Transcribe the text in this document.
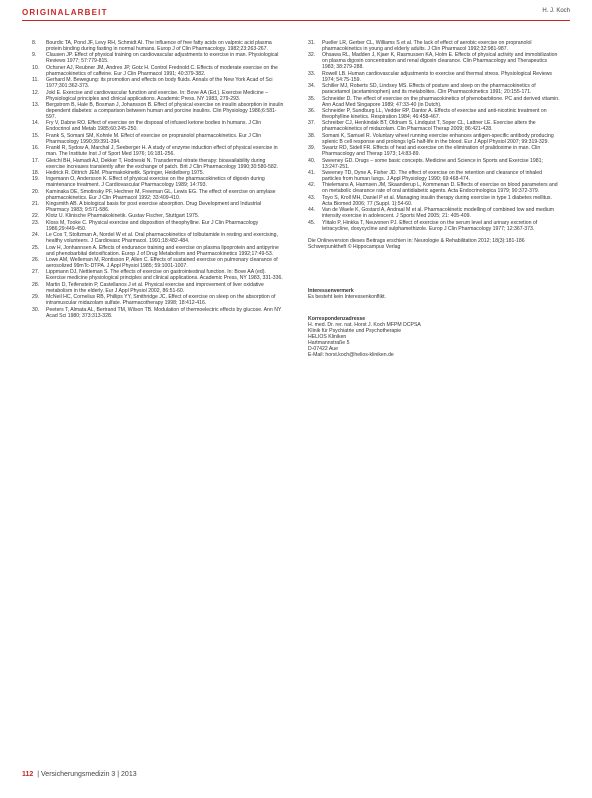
ORIGINALARBEIT	H. J. Koch
8.	Bourdic TA, Pond JF, Levy RH, Schmidt AI. The influence of free fatty acids on valproic acid plasma protein binding during fasting in normal humans. Europ J of Clin Pharmacology. 1982;23:263-267.
9.	Clausen JP. Effect of physical training on cardiovascular adjustments to exercise in man. Physiological Reviews 1977; 57:779-815.
10.	Ochsner AJ, Reubner JM, Andres JP, Gotz H. Control Frednold C. Effects of moderate exercise on the pharmacokinetics of caffeine. Eur J Clin Pharmacol 1991; 40:379-382.
11.	Gerhard M. Bewegung: its promotion and effects on body fluids. Annals of the New York Acad of Sci 1977;301:362-373.
12.	Jokl E. Exercise and cardiovascular function and exercise. In: Bove AA (Ed.). Exercise Medicine – Physiological principles and clinical applications. Academic Press. NY 1983, 279-293.
13.	Bergstrom B, Hale B, Bosman J, Johansson B. Effect of physical exercise on insulin absorption in insulin dependent diabetes: a comparison between human and porcine insulins. Clin Physiology 1986;6:581-597.
14.	Fry V, Dabne RO. Effect of exercise on the disposal of infused ketone bodies in humans. J Clin Endocrinol and Metab 1985;60:245-250.
15.	Frank S, Somani SM, Kohnle M. Effect of exercise on propranolol pharmacokinetics. Eur J Clin Pharmacology 1990;39:391-394.
16.	Frankl R, Sydow A, Marchal J, Seeberger H. A study of enzyme induction effect of physical exercise in man. The Institute Inst J of Sport Med 1976; 16:181-256.
17.	Gleichl BH, Hamadi AJ, Dekker T, Hodneski N. Transdermal nitrate therapy: bioavailability during exercise increases transiently after the exchange of patch. Brit J Clin Pharmacology 1990;30:580-582.
18.	Hedrick R. Dittrich JEM. Pharmakokinetik. Springer, Heidelberg 1975.
19.	Ingemann O, Andersson K. Effect of physical exercise on the pharmacokinetics of digoxin during maintenance treatment. J Cardiovascular Pharmacology 1989; 14:793.
20.	Kaminaka DE, Smotinsky PF, Hechner M, Freeman GL, Lewis EG. The effect of exercise on amylase pharmacokinetics. Eur J Clin Pharmacol 1992; 33:409-410.
21.	Kingsmith AB. A biological basis for post exercise absorption. Drug Development and Industrial Pharmacy 1983; 9:571-586.
22.	Klotz U. Klinische Pharmakokinetik. Gustav Fischer, Stuttgart 1975.
23.	Kloss M, Tooke C. Physical exercise and disposition of theophylline. Eur J Clin Pharmacology 1986;29:449-450.
24.	Le Cox T, Stoltzman A, Nordel W et al. Oral pharmacokinetics of tolbutamide in resting and exercising, healthy volunteers. J Cardiovasc Pharmacol. 1991;18:482-484.
25.	Low H, Jonhannsen A. Effects of endurance training and exercise on plasma lipoprotein and antipyrine and phenobarbital detoxification. Europ J of Drug Metabolism and Pharmacokinetics 1992;17:49-53.
26.	Lowe AM, Welleman M, Rontisson P, Allen C. Effects of sustained exercise on pulmonary clearance of aerosolized 99mTc-DTPA. J Appl Physiol 1985; 59:1001-1007.
27.	Lippmann DJ, Nettleman S. The effects of exercise on gastrointestinal function. In: Bove AA (ed). Exercise medicine physiological principles and clinical applications. Academic Press, NY 1983, 331-336.
28.	Martin D, Teifenstein P, Castellanos J et al. Physical exercise and improvement of liver oxidative metabolism in the elderly. Eur J Appl Physiol 2002, 86:51-60.
29.	McNeil HC, Cornelius RB, Phillips YY, Smithridge JC. Effect of exercise on sleep on the absorption of intramuscular midazolam sulfate. Pharmacotherapy 1998; 18:412-416.
30.	Peeters T, Almata AL, Bertrand TM, Wilson TB. Modulation of thermoelectric effects by glucose. Ann NY Acad Sci 1980; 373:313-328.
31.	Pueller LR, Gerber CL, Williams S et al. The lack of effect of aerobic exercise on propranolol pharmacokinetics in young and elderly adults. J Clin Pharmacol 1992;32:981-987.
32.	Ohsawa RL, Madden J, Kjaer K, Rasmussen KA, Holm E. Effects of physical activity and immobilization on plasma digoxin concentration and renal digoxin clearance. Clin Pharmacology and Therapeutics 1983; 38:279-288.
33.	Rowell LB. Human cardiovascular adjustments to exercise and thermal stress. Physiological Reviews 1974; 54:75-159.
34.	Schiller MJ, Roberts SD, Lindsey MS. Effects of posture and sleep on the pharmacokinetics of paracetamol (acetaminophen) and its metabolites. Clin Pharmacokinetics 1991; 20:155-171.
35.	Schneider D. The effect of exercise on the pharmacokinetics of phenobarbitone. PC and derived vitamin. Ann Acad Med Singapore 1989; 47:33-40 (in Dutch).
36.	Schneider P, Sundburg LL, Vedder RP, Dantor A. Effects of exercise and anti-nicotinic treatment on theophylline kinetics. Respiration 1984; 46:458-467.
37.	Schreiber CJ, Henkindak BT, Oldnam S, Lindquist T, Soper CL, Lattner LE. Exercise alters the pharmacokinetics of midazolam. Clin Pharmacol Therap 2009; 86:421-428.
38.	Somani K, Samuel R. Voluntary wheel running exercise enhances antigen-specific antibody producing splenic B cell response and prolongs IgG half-life in the blood. Eur J Appl Physiol 2007; 99:319-329.
39.	Swartz RD, Sidell FR. Effects of heat and exercise on the elimination of pralidoxime in man. Clin Pharmacology and Therap 1973; 14:83-89.
40.	Sweeney GD. Drugs – some basic concepts. Medicine and Science in Sports and Exercise 1981; 13:247-251.
41.	Sweeney TD, Dyne A, Fisher JD. The effect of exercise on the retention and clearance of inhaled particles from human lungs. J Appl Physiology 1990; 69:468-474.
42.	Thielemans A, Harmsen JM, Skaanderup L, Kommenan D. Effects of exercise on blood parameters and on metabolic clearance rate of oral antidiabetic agents. Acta Endocrinologica 1979; 90:372-379.
43.	Toyo S, Kroll MH, Daniel P et al. Managing insulin therapy during exercise in type 1 diabetes mellitus. Acta Biomed 2006; 77 (Suppl. 1):54-60.
44.	Van de Waele K, Gostard A, Andraal M et al. Pharmacokinetic modelling of combined low and medium intensity exercise in adolescent. J Sports Med 2005; 21: 405-409.
45.	Ylitalo P, Hinkka T, Neuvonen PJ. Effect of exercise on the serum level and urinary excretion of tetracycline, doxycycline and sulphamethizole. Europ J Clin Pharmacology 1977; 12:367-373.
Die Onlineversion dieses Beitrags erschien in: Neurologie & Rehabilitation 2012; 18(3):181-186 Schwerpunktheft © Hippocampus Verlag
Interessenvermerk
Es besteht kein Interessenkonflikt.
Korrespondenzadresse
H. med. Dr. rer. nat. Horst J. Koch MFPM DCPSA
Klinik für Psychiatrie und Psychotherapie
HELIOS Kliniken
Hartmannstraße 5
D-07422 Aue
E-Mail: horst.koch@helios-kliniken.de
112 | Versicherungsmedizin 3 | 2013
